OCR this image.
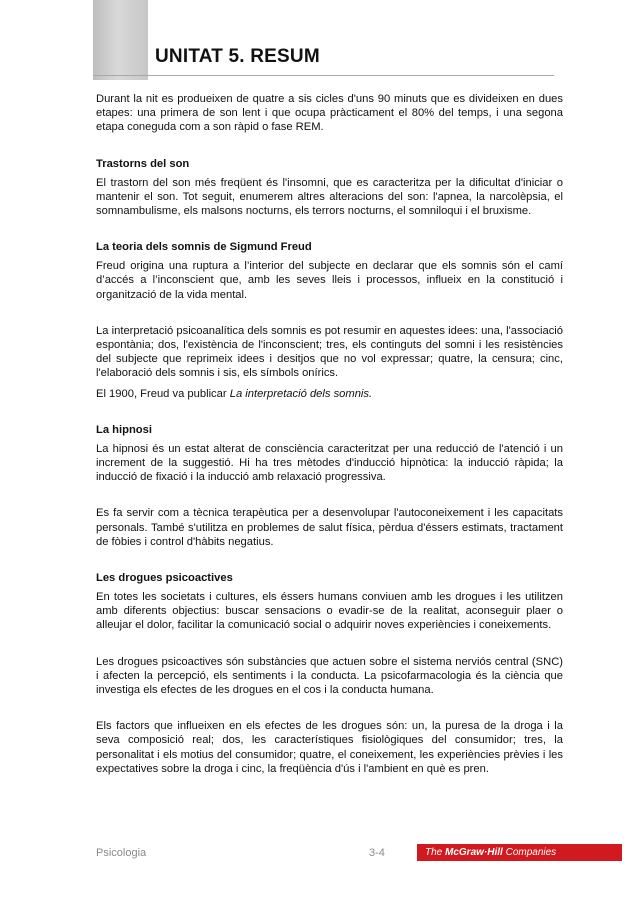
UNITAT 5. RESUM

Durant la nit es produeixen de quatre a sis cicles d'uns 90 minuts que es divideixen en dues etapes: una primera de son lent i que ocupa pràcticament el 80% del temps, i una segona etapa coneguda com a son ràpid o fase REM.

Trastorns del son

El trastorn del son més freqüent és l'insomni, que es caracteritza per la dificultat d'iniciar o mantenir el son. Tot seguit, enumerem altres alteracions del son: l'apnea, la narcolèpsia, el somnambulisme, els malsons nocturns, els terrors nocturns, el somniloqui i el bruxisme.

La teoria dels somnis de Sigmund Freud

Freud origina una ruptura a l’interior del subjecte en declarar que els somnis són el camí d’accés a l’inconscient que, amb les seves lleis i processos, influeix en la constitució i organització de la vida mental.

La interpretació psicoanalítica dels somnis es pot resumir en aquestes idees: una, l'associació espontània; dos, l'existència de l'inconscient; tres, els continguts del somni i les resistències del subjecte que reprimeix idees i desitjos que no vol expressar; quatre, la censura; cinc, l'elaboració dels somnis i sis, els símbols onírics.

El 1900, Freud va publicar La interpretació dels somnis.

La hipnosi

La hipnosi és un estat alterat de consciència caracteritzat per una reducció de l'atenció i un increment de la suggestió. Hi ha tres mètodes d'inducció hipnòtica: la inducció ràpida; la inducció de fixació i la inducció amb relaxació progressiva.

Es fa servir com a tècnica terapèutica per a desenvolupar l'autoconeixement i les capacitats personals. També s'utilitza en problemes de salut física, pèrdua d'éssers estimats, tractament de fòbies i control d'hàbits negatius.

Les drogues psicoactives

En totes les societats i cultures, els éssers humans conviuen amb les drogues i les utilitzen amb diferents objectius: buscar sensacions o evadir-se de la realitat, aconseguir plaer o alleujar el dolor, facilitar la comunicació social o adquirir noves experiències i coneixements.

Les drogues psicoactives són substàncies que actuen sobre el sistema nerviós central (SNC) i afecten la percepció, els sentiments i la conducta. La psicofarmacologia és la ciència que investiga els efectes de les drogues en el cos i la conducta humana.

Els factors que influeixen en els efectes de les drogues són: un, la puresa de la droga i la seva composició real; dos, les característiques fisiològiques del consumidor; tres, la personalitat i els motius del consumidor; quatre, el coneixement, les experiències prèvies i les expectatives sobre la droga i cinc, la freqüència d'ús i l'ambient en què es pren.

Psicologia	3-4	The McGraw·Hill Companies
